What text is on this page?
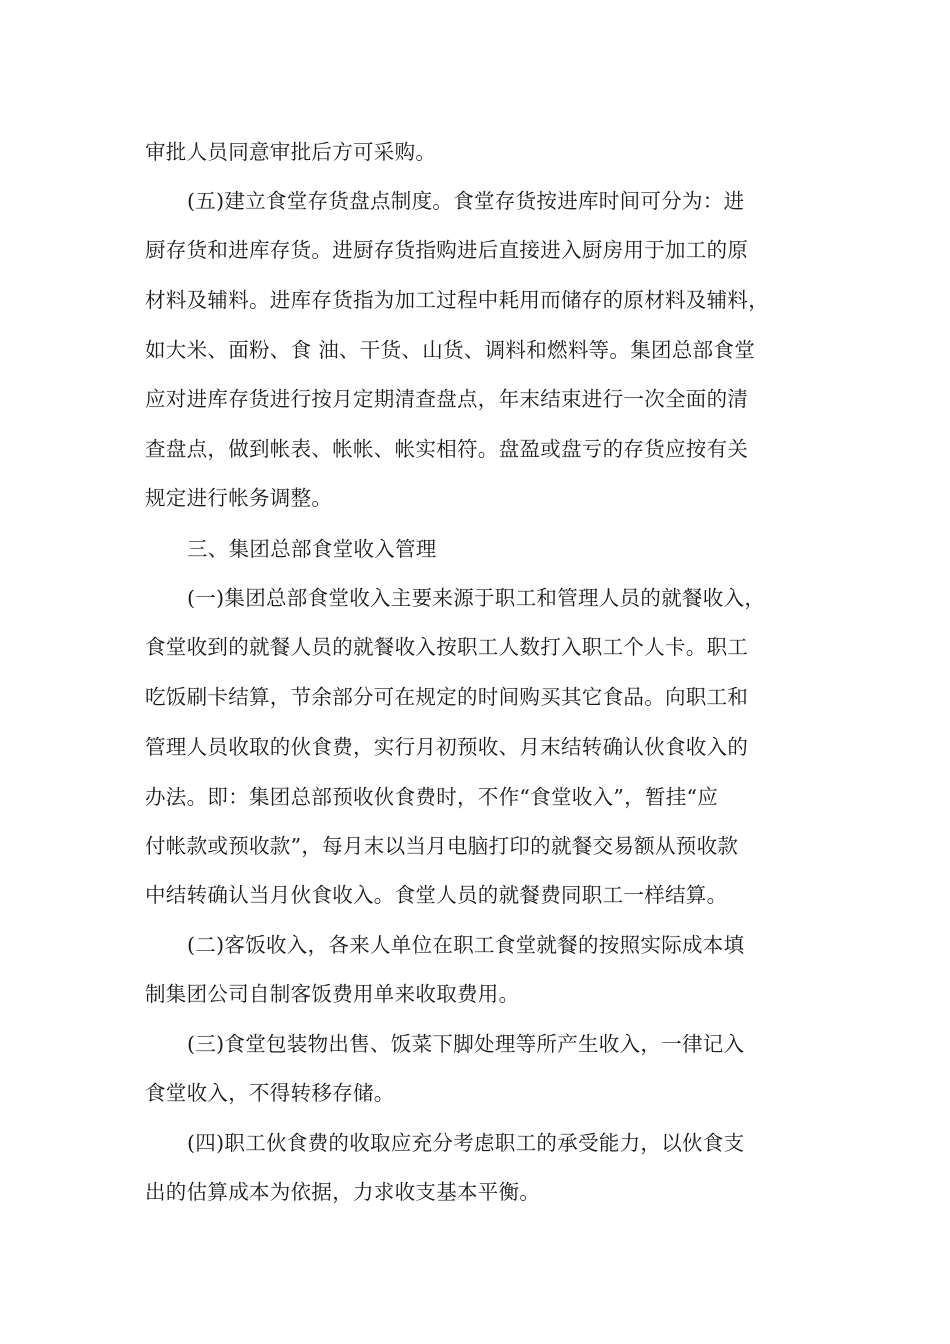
审批人员同意审批后方可采购。
(五)建立食堂存货盘点制度。食堂存货按进库时间可分为：进
厨存货和进库存货。进厨存货指购进后直接进入厨房用于加工的原
材料及辅料。进库存货指为加工过程中耗用而储存的原材料及辅料，
如大米、面粉、食 油、干货、山货、调料和燃料等。集团总部食堂
应对进库存货进行按月定期清查盘点，年末结束进行一次全面的清
查盘点，做到帐表、帐帐、帐实相符。盘盈或盘亏的存货应按有关
规定进行帐务调整。
三、集团总部食堂收入管理
(一)集团总部食堂收入主要来源于职工和管理人员的就餐收入，
食堂收到的就餐人员的就餐收入按职工人数打入职工个人卡。职工
吃饭刷卡结算，节余部分可在规定的时间购买其它食品。向职工和
管理人员收取的伙食费，实行月初预收、月末结转确认伙食收入的
办法。即：集团总部预收伙食费时，不作“食堂收入”，暂挂“应
付帐款或预收款”，每月末以当月电脑打印的就餐交易额从预收款
中结转确认当月伙食收入。食堂人员的就餐费同职工一样结算。
(二)客饭收入，各来人单位在职工食堂就餐的按照实际成本填
制集团公司自制客饭费用单来收取费用。
(三)食堂包装物出售、饭菜下脚处理等所产生收入，一律记入
食堂收入，不得转移存储。
(四)职工伙食费的收取应充分考虑职工的承受能力，以伙食支
出的估算成本为依据，力求收支基本平衡。
